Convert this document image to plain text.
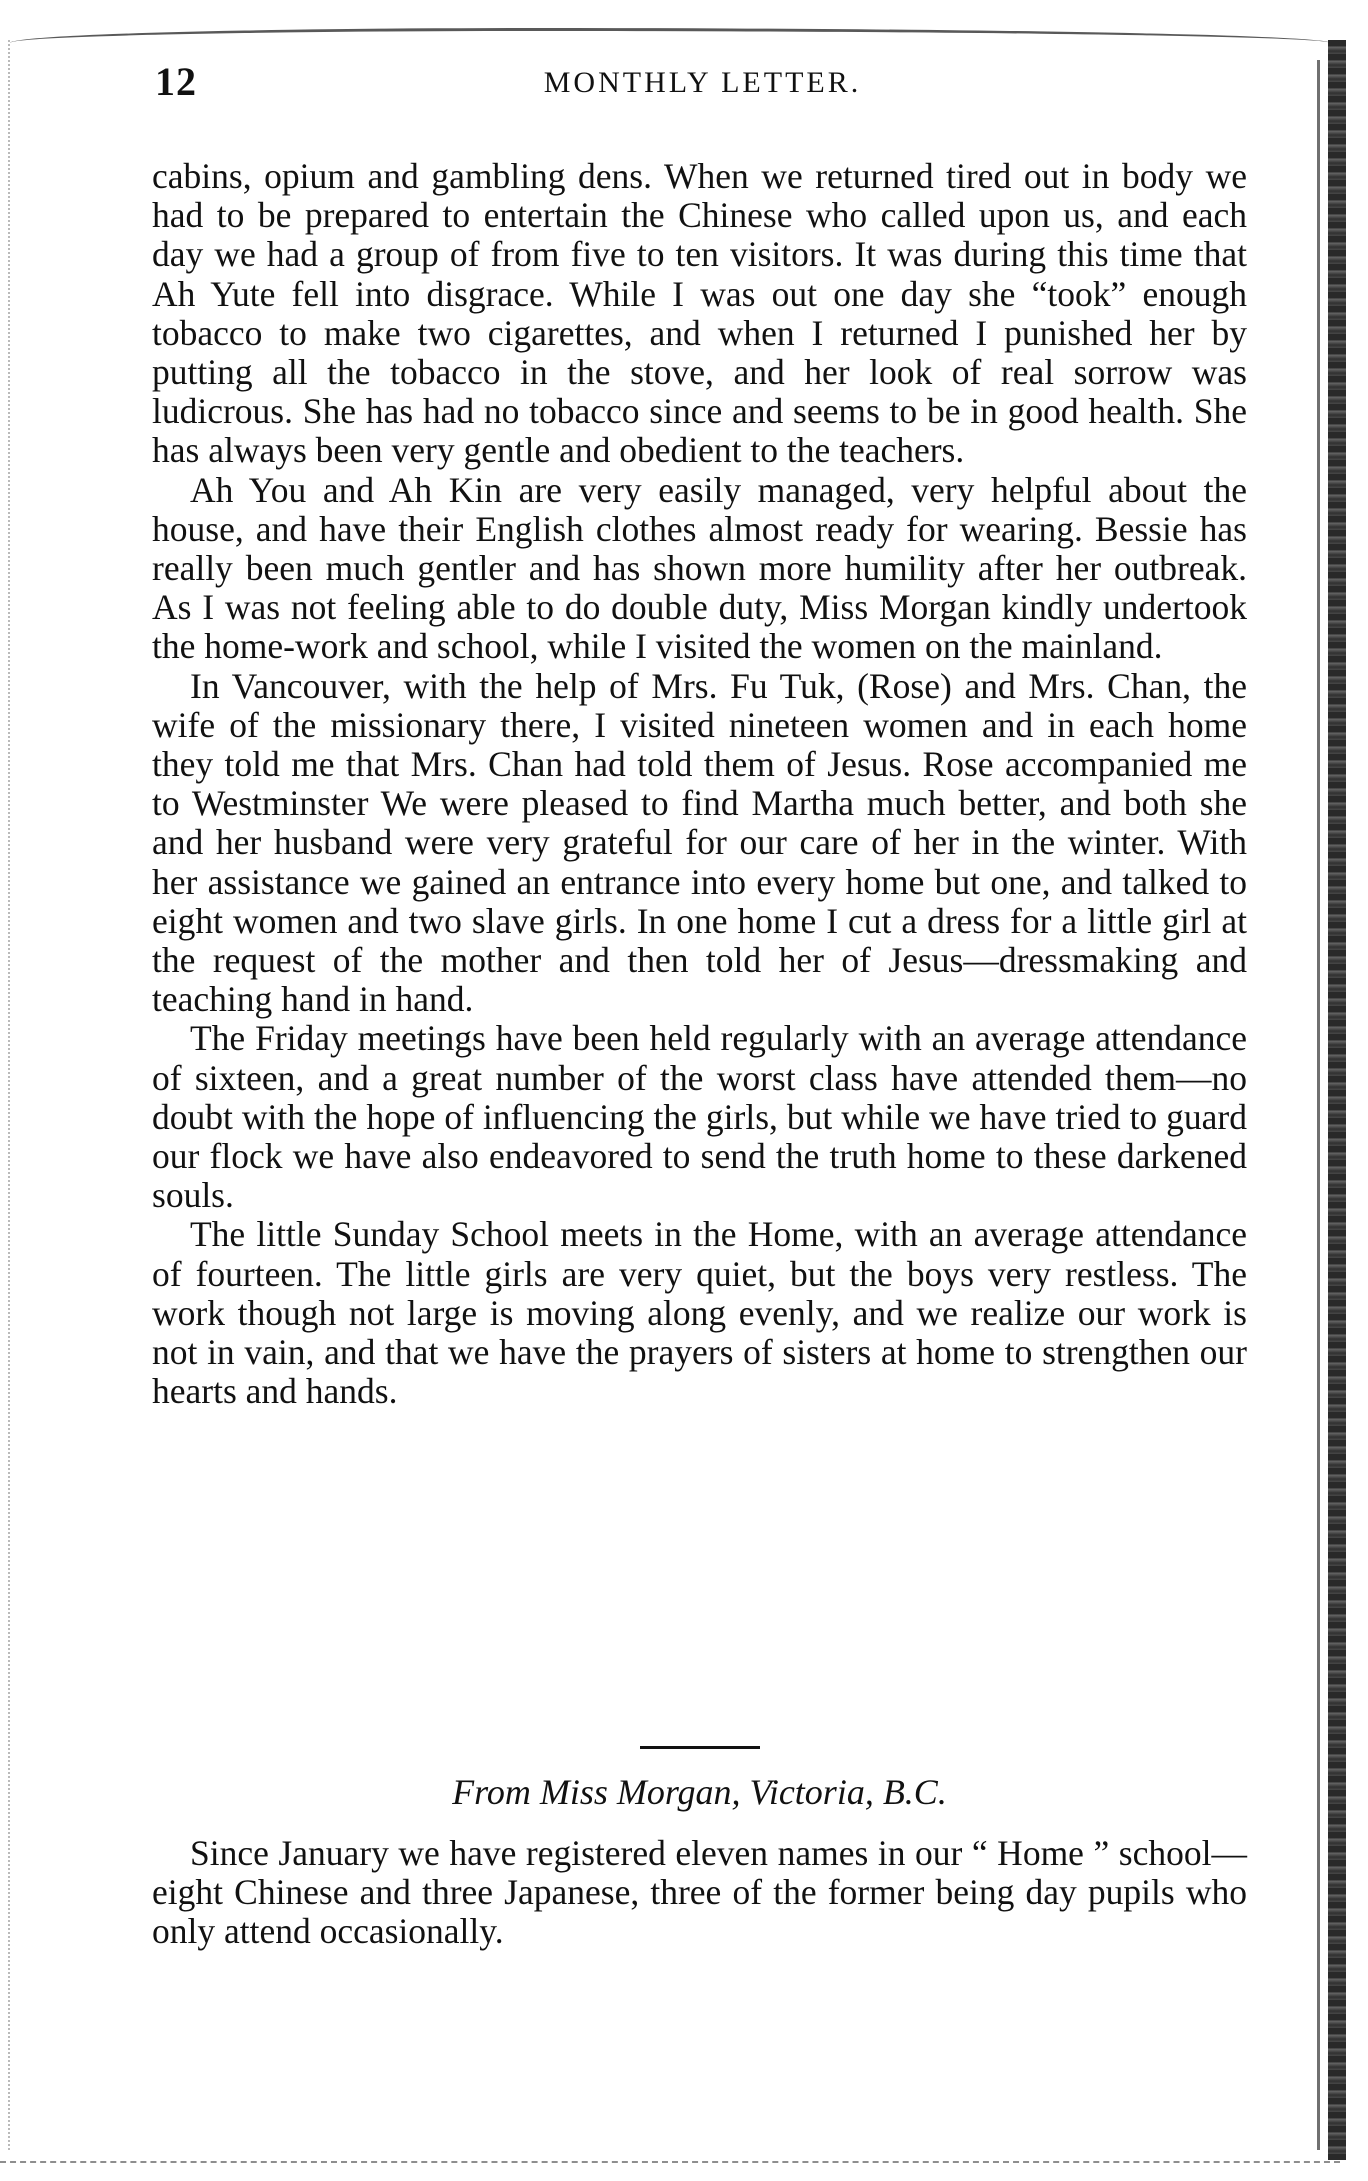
12	MONTHLY LETTER.

cabins, opium and gambling dens. When we returned tired out in body we had to be prepared to entertain the Chinese who called upon us, and each day we had a group of from five to ten visitors. It was during this time that Ah Yute fell into disgrace. While I was out one day she “took” enough tobacco to make two cigarettes, and when I returned I punished her by putting all the tobacco in the stove, and her look of real sorrow was ludicrous. She has had no tobacco since and seems to be in good health. She has always been very gentle and obedient to the teachers.

Ah You and Ah Kin are very easily managed, very helpful about the house, and have their English clothes almost ready for wearing. Bessie has really been much gentler and has shown more humility after her outbreak. As I was not feeling able to do double duty, Miss Morgan kindly undertook the home-work and school, while I visited the women on the mainland.

In Vancouver, with the help of Mrs. Fu Tuk, (Rose) and Mrs. Chan, the wife of the missionary there, I visited nineteen women and in each home they told me that Mrs. Chan had told them of Jesus. Rose accompanied me to Westminster We were pleased to find Martha much better, and both she and her husband were very grateful for our care of her in the winter. With her assistance we gained an entrance into every home but one, and talked to eight women and two slave girls. In one home I cut a dress for a little girl at the request of the mother and then told her of Jesus—dressmaking and teaching hand in hand.

The Friday meetings have been held regularly with an average attendance of sixteen, and a great number of the worst class have attended them—no doubt with the hope of influencing the girls, but while we have tried to guard our flock we have also endeavored to send the truth home to these darkened souls.

The little Sunday School meets in the Home, with an average attendance of fourteen. The little girls are very quiet, but the boys very restless. The work though not large is moving along evenly, and we realize our work is not in vain, and that we have the prayers of sisters at home to strengthen our hearts and hands.

From Miss Morgan, Victoria, B.C.

Since January we have registered eleven names in our “ Home ” school—eight Chinese and three Japanese, three of the former being day pupils who only attend occasionally.
